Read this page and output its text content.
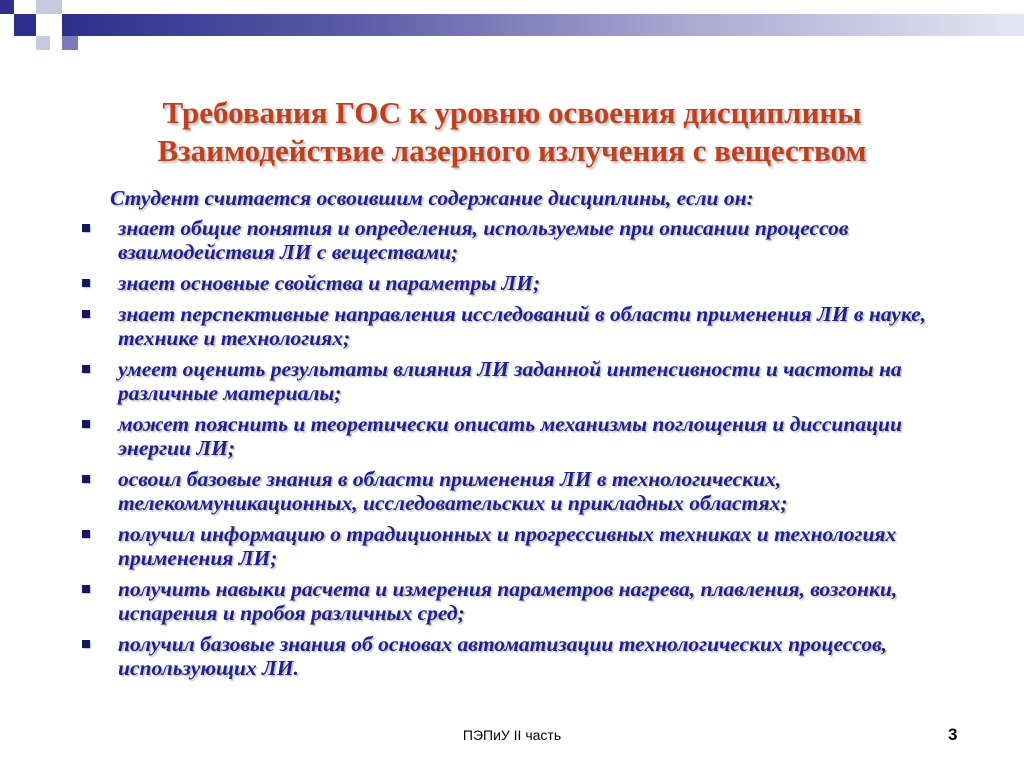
Требования ГОС к уровню освоения дисциплины
Взаимодействие лазерного излучения с веществом

Студент считается освоившим содержание дисциплины, если он:

знает общие понятия и определения, используемые при описании процессов взаимодействия ЛИ с веществами;
знает основные свойства и параметры ЛИ;
знает перспективные направления исследований в области применения ЛИ в науке, технике и технологиях;
умеет оценить результаты влияния ЛИ заданной интенсивности и частоты на различные материалы;
может пояснить и теоретически описать механизмы поглощения и диссипации энергии ЛИ;
освоил базовые знания в области применения ЛИ в технологических, телекоммуникационных, исследовательских и прикладных областях;
получил информацию о традиционных и прогрессивных техниках и технологиях применения ЛИ;
получить навыки расчета и измерения параметров нагрева, плавления, возгонки, испарения и пробоя различных сред;
получил базовые знания об основах автоматизации технологических процессов, использующих ЛИ.
ПЭПиУ II часть	3
